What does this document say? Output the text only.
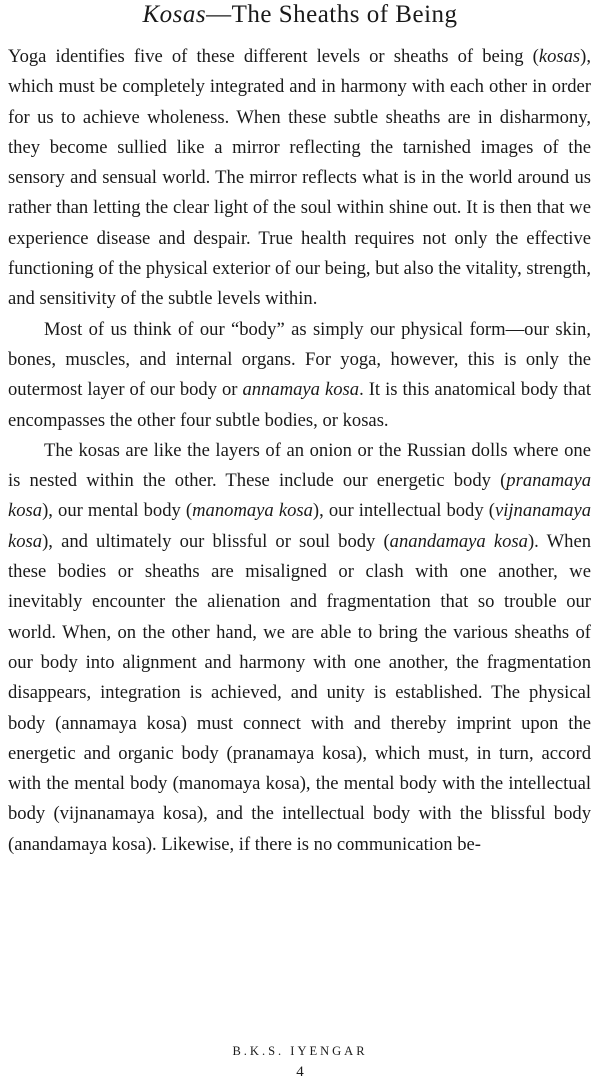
Kosas—The Sheaths of Being

Yoga identifies five of these different levels or sheaths of being (kosas), which must be completely integrated and in harmony with each other in order for us to achieve wholeness. When these subtle sheaths are in disharmony, they become sullied like a mirror reflecting the tarnished images of the sensory and sensual world. The mirror reflects what is in the world around us rather than letting the clear light of the soul within shine out. It is then that we experience disease and despair. True health requires not only the effective functioning of the physical exterior of our being, but also the vitality, strength, and sensitivity of the subtle levels within.

Most of us think of our “body” as simply our physical form—our skin, bones, muscles, and internal organs. For yoga, however, this is only the outermost layer of our body or annamaya kosa. It is this anatomical body that encompasses the other four subtle bodies, or kosas.

The kosas are like the layers of an onion or the Russian dolls where one is nested within the other. These include our energetic body (pranamaya kosa), our mental body (manomaya kosa), our intellectual body (vijnanamaya kosa), and ultimately our blissful or soul body (anandamaya kosa). When these bodies or sheaths are misaligned or clash with one another, we inevitably encounter the alienation and fragmentation that so trouble our world. When, on the other hand, we are able to bring the various sheaths of our body into alignment and harmony with one another, the fragmentation disappears, integration is achieved, and unity is established. The physical body (annamaya kosa) must connect with and thereby imprint upon the energetic and organic body (pranamaya kosa), which must, in turn, accord with the mental body (manomaya kosa), the mental body with the intellectual body (vijnanamaya kosa), and the intellectual body with the blissful body (anandamaya kosa). Likewise, if there is no communication be-

B.K.S. IYENGAR
4
